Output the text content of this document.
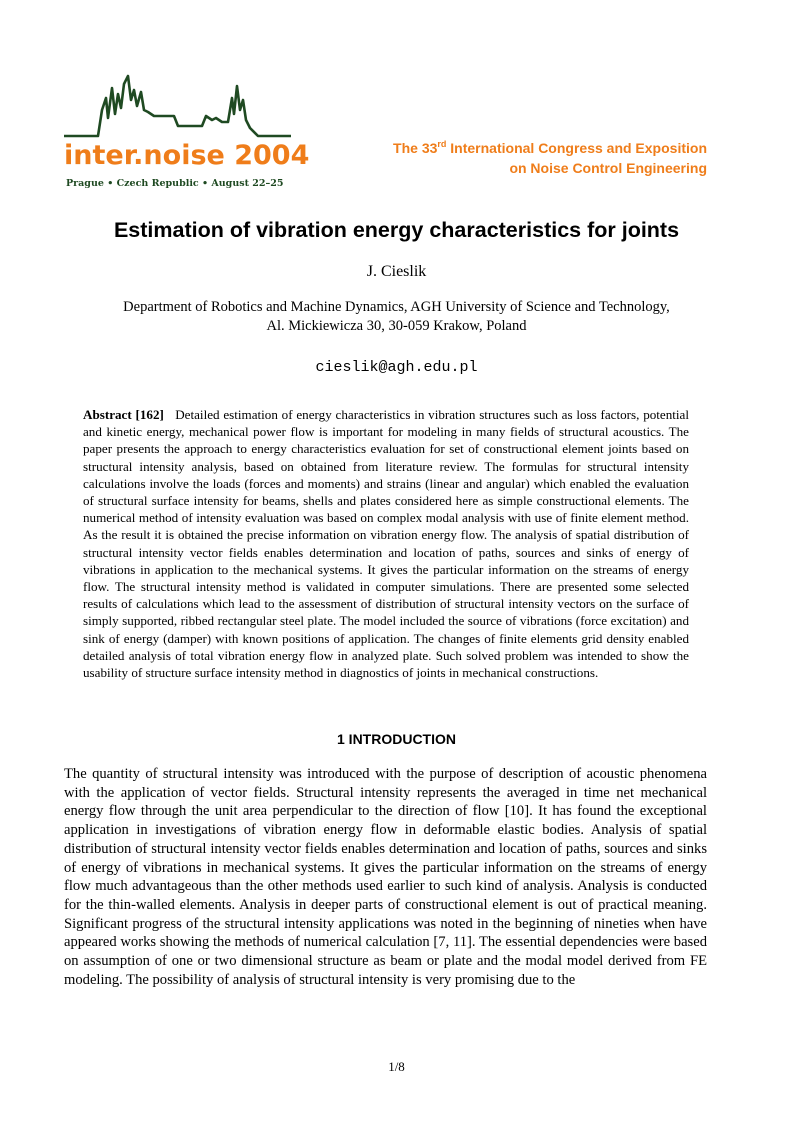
inter.noise 2004
Prague • Czech Republic • August 22–25
The 33rd International Congress and Exposition
on Noise Control Engineering
Estimation of vibration energy characteristics for joints
J. Cieslik
Department of Robotics and Machine Dynamics, AGH University of Science and Technology,
Al. Mickiewicza 30, 30-059 Krakow, Poland
cieslik@agh.edu.pl

Abstract [162] Detailed estimation of energy characteristics in vibration structures such as loss factors, potential and kinetic energy, mechanical power flow is important for modeling in many fields of structural acoustics. The paper presents the approach to energy characteristics evaluation for set of constructional element joints based on structural intensity analysis, based on obtained from literature review. The formulas for structural intensity calculations involve the loads (forces and moments) and strains (linear and angular) which enabled the evaluation of structural surface intensity for beams, shells and plates considered here as simple constructional elements. The numerical method of intensity evaluation was based on complex modal analysis with use of finite element method. As the result it is obtained the precise information on vibration energy flow. The analysis of spatial distribution of structural intensity vector fields enables determination and location of paths, sources and sinks of energy of vibrations in application to the mechanical systems. It gives the particular information on the streams of energy flow. The structural intensity method is validated in computer simulations. There are presented some selected results of calculations which lead to the assessment of distribution of structural intensity vectors on the surface of simply supported, ribbed rectangular steel plate. The model included the source of vibrations (force excitation) and sink of energy (damper) with known positions of application. The changes of finite elements grid density enabled detailed analysis of total vibration energy flow in analyzed plate. Such solved problem was intended to show the usability of structure surface intensity method in diagnostics of joints in mechanical constructions.

1 INTRODUCTION

The quantity of structural intensity was introduced with the purpose of description of acoustic phenomena with the application of vector fields. Structural intensity represents the averaged in time net mechanical energy flow through the unit area perpendicular to the direction of flow [10]. It has found the exceptional application in investigations of vibration energy flow in deformable elastic bodies. Analysis of spatial distribution of structural intensity vector fields enables determination and location of paths, sources and sinks of energy of vibrations in mechanical systems. It gives the particular information on the streams of energy flow much advantageous than the other methods used earlier to such kind of analysis. Analysis is conducted for the thin-walled elements. Analysis in deeper parts of constructional element is out of practical meaning. Significant progress of the structural intensity applications was noted in the beginning of nineties when have appeared works showing the methods of numerical calculation [7, 11]. The essential dependencies were based on assumption of one or two dimensional structure as beam or plate and the modal model derived from FE modeling. The possibility of analysis of structural intensity is very promising due to the

1/8
